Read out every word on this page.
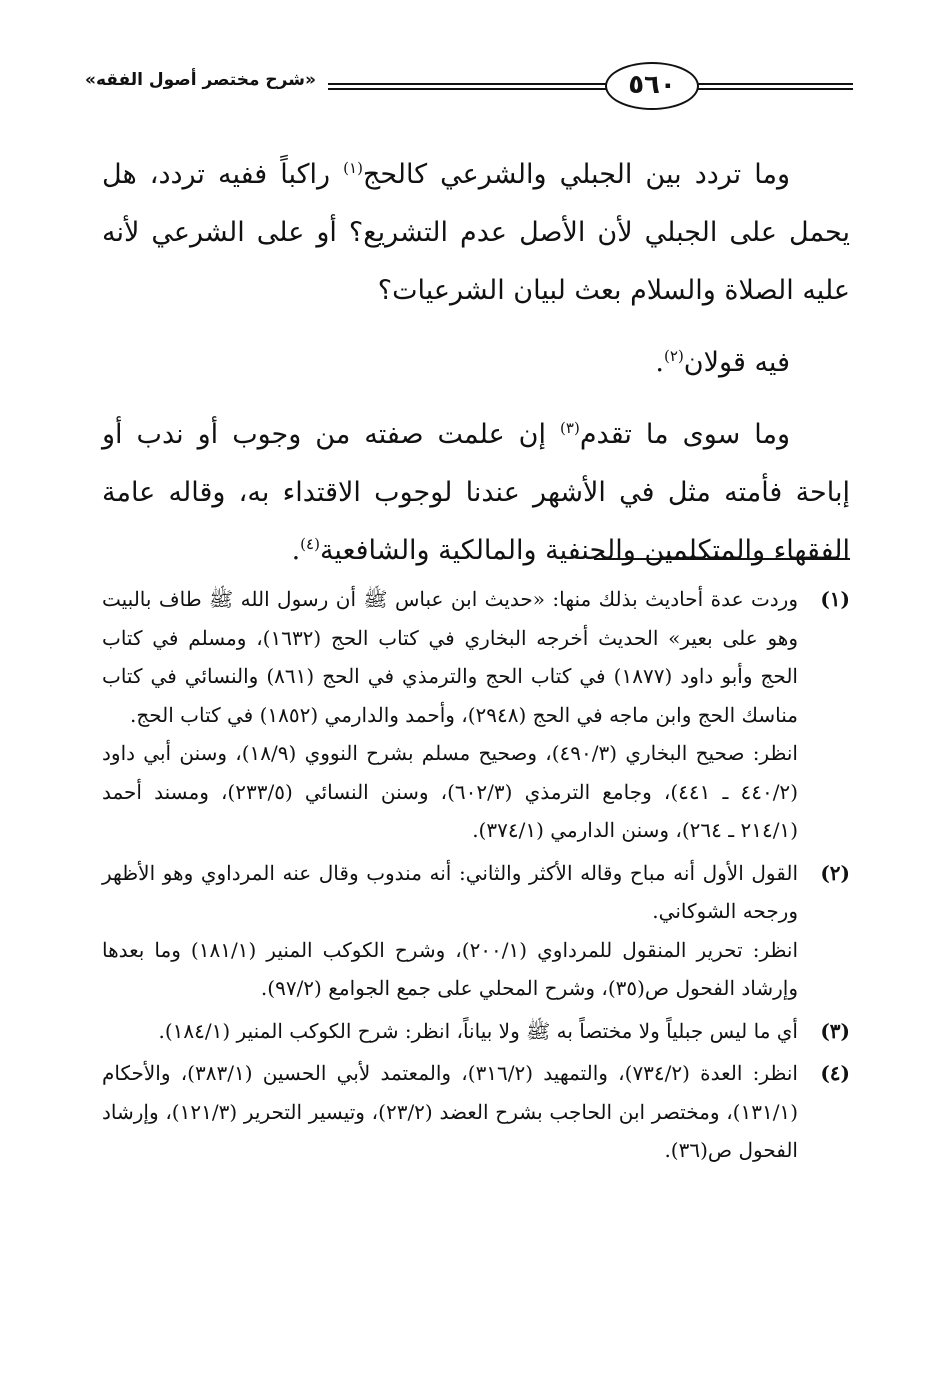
٥٦٠
«شرح مختصر أصول الفقه»

وما تردد بين الجبلي والشرعي كالحج$^{(١)}$ راكباً ففيه تردد، هل يحمل على الجبلي لأن الأصل عدم التشريع؟ أو على الشرعي لأنه عليه الصلاة والسلام بعث لبيان الشرعيات؟

فيه قولان$^{(٢)}$.

وما سوى ما تقدم$^{(٣)}$ إن علمت صفته من وجوب أو ندب أو إباحة فأمته مثل في الأشهر عندنا لوجوب الاقتداء به، وقاله عامة الفقهاء والمتكلمين والحنفية والمالكية والشافعية$^{(٤)}$.

(١)
وردت عدة أحاديث بذلك منها: «حديث ابن عباس ﷺ أن رسول الله ﷺ طاف بالبيت وهو على بعير» الحديث أخرجه البخاري في كتاب الحج (١٦٣٢)، ومسلم في كتاب الحج وأبو داود (١٨٧٧) في كتاب الحج والترمذي في الحج (٨٦١) والنسائي في كتاب مناسك الحج وابن ماجه في الحج (٢٩٤٨)، وأحمد والدارمي (١٨٥٢) في كتاب الحج.
انظر: صحيح البخاري (٤٩٠/٣)، وصحيح مسلم بشرح النووي (١٨/٩)، وسنن أبي داود (٤٤٠/٢ ـ ٤٤١)، وجامع الترمذي (٦٠٢/٣)، وسنن النسائي (٢٣٣/٥)، ومسند أحمد (٢١٤/١ ـ ٢٦٤)، وسنن الدارمي (٣٧٤/١).
(٢)
القول الأول أنه مباح وقاله الأكثر والثاني: أنه مندوب وقال عنه المرداوي وهو الأظهر ورجحه الشوكاني.
انظر: تحرير المنقول للمرداوي (٢٠٠/١)، وشرح الكوكب المنير (١٨١/١) وما بعدها وإرشاد الفحول ص(٣٥)، وشرح المحلي على جمع الجوامع (٩٧/٢).
(٣)
أي ما ليس جبلياً ولا مختصاً به ﷺ ولا بياناً، انظر: شرح الكوكب المنير (١٨٤/١).
(٤)
انظر: العدة (٧٣٤/٢)، والتمهيد (٣١٦/٢)، والمعتمد لأبي الحسين (٣٨٣/١)، والأحكام (١٣١/١)، ومختصر ابن الحاجب بشرح العضد (٢٣/٢)، وتيسير التحرير (١٢١/٣)، وإرشاد الفحول ص(٣٦).
